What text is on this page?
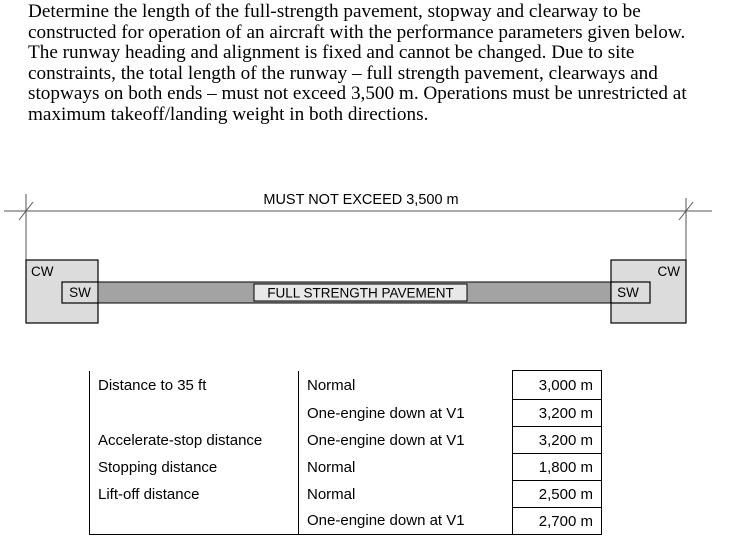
Determine the length of the full-strength pavement, stopway and clearway to be

constructed for operation of an aircraft with the performance parameters given below.

The runway heading and alignment is fixed and cannot be changed. Due to site

constraints, the total length of the runway – full strength pavement, clearways and

stopways on both ends – must not exceed 3,500 m. Operations must be unrestricted at

maximum takeoff/landing weight in both directions.

MUST NOT EXCEED 3,500 m
CW
SW	FULL STRENGTH PAVEMENT
CW
SW
Distance to 35 ft	Normal	3,000 m
	One-engine down at V1	3,200 m
Accelerate-stop distance	One-engine down at V1	3,200 m
Stopping distance	Normal	1,800 m
Lift-off distance	Normal	2,500 m
	One-engine down at V1	2,700 m
